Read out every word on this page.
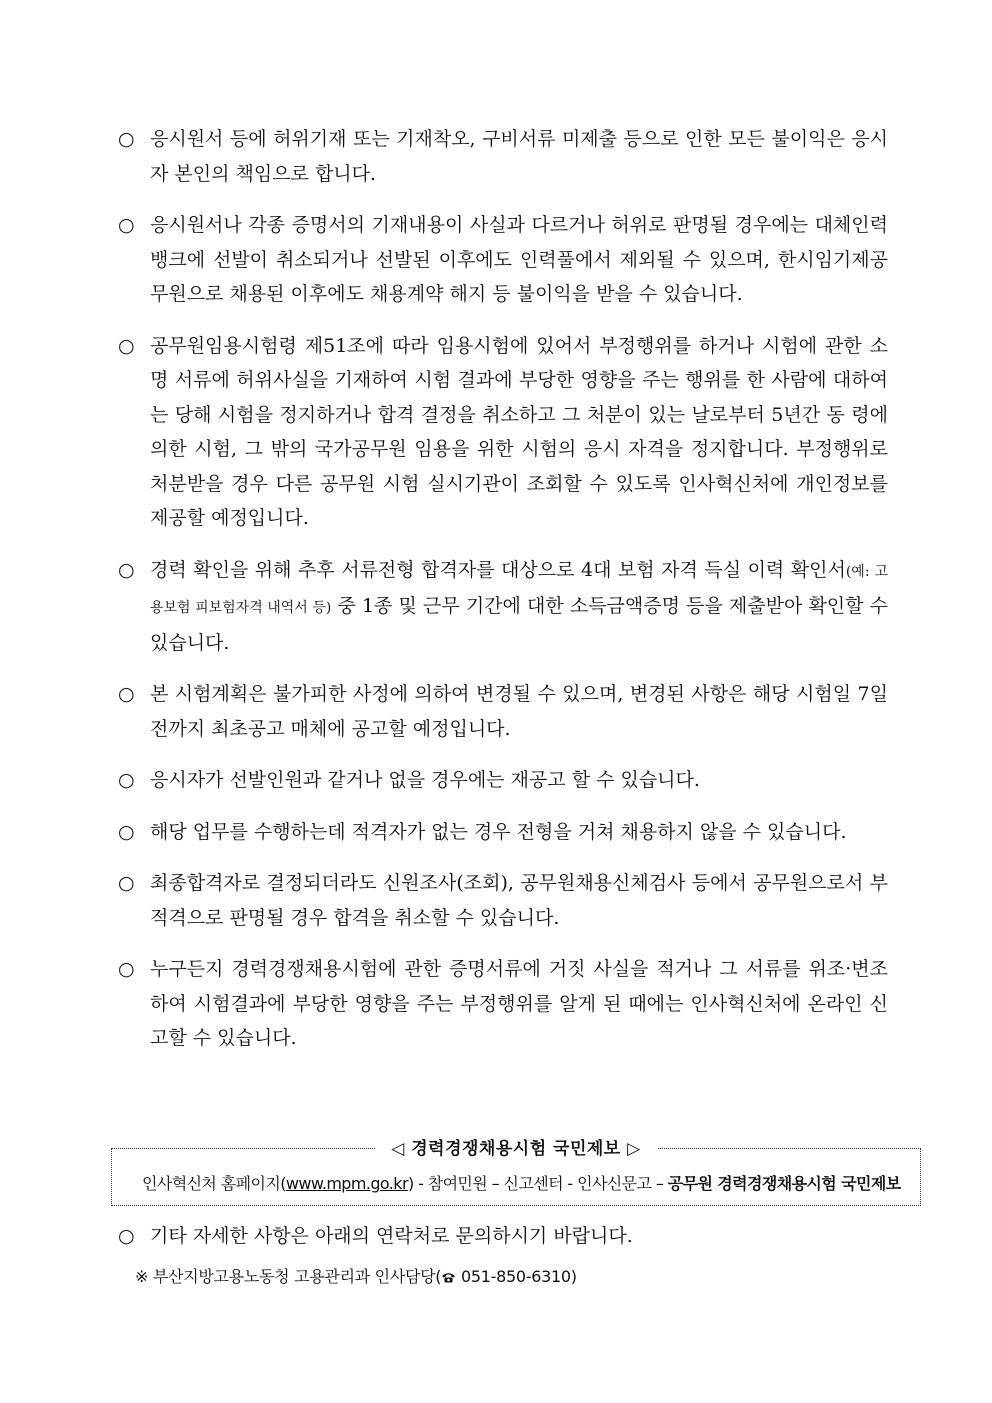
○ 응시원서 등에 허위기재 또는 기재착오, 구비서류 미제출 등으로 인한 모든 불이익은 응시자 본인의 책임으로 합니다.
○ 응시원서나 각종 증명서의 기재내용이 사실과 다르거나 허위로 판명될 경우에는 대체인력뱅크에 선발이 취소되거나 선발된 이후에도 인력풀에서 제외될 수 있으며, 한시임기제공무원으로 채용된 이후에도 채용계약 해지 등 불이익을 받을 수 있습니다.
○ 공무원임용시험령 제51조에 따라 임용시험에 있어서 부정행위를 하거나 시험에 관한 소명 서류에 허위사실을 기재하여 시험 결과에 부당한 영향을 주는 행위를 한 사람에 대하여는 당해 시험을 정지하거나 합격 결정을 취소하고 그 처분이 있는 날로부터 5년간 동 령에 의한 시험, 그 밖의 국가공무원 임용을 위한 시험의 응시 자격을 정지합니다. 부정행위로 처분받을 경우 다른 공무원 시험 실시기관이 조회할 수 있도록 인사혁신처에 개인정보를 제공할 예정입니다.
○ 경력 확인을 위해 추후 서류전형 합격자를 대상으로 4대 보험 자격 득실 이력 확인서(예: 고용보험 피보험자격 내역서 등) 중 1종 및 근무 기간에 대한 소득금액증명 등을 제출받아 확인할 수 있습니다.
○ 본 시험계획은 불가피한 사정에 의하여 변경될 수 있으며, 변경된 사항은 해당 시험일 7일 전까지 최초공고 매체에 공고할 예정입니다.
○ 응시자가 선발인원과 같거나 없을 경우에는 재공고 할 수 있습니다.
○ 해당 업무를 수행하는데 적격자가 없는 경우 전형을 거쳐 채용하지 않을 수 있습니다.
○ 최종합격자로 결정되더라도 신원조사(조회), 공무원채용신체검사 등에서 공무원으로서 부적격으로 판명될 경우 합격을 취소할 수 있습니다.
○ 누구든지 경력경쟁채용시험에 관한 증명서류에 거짓 사실을 적거나 그 서류를 위조·변조하여 시험결과에 부당한 영향을 주는 부정행위를 알게 된 때에는 인사혁신처에 온라인 신고할 수 있습니다.
◁ 경력경쟁채용시험 국민제보 ▷
인사혁신처 홈페이지(www.mpm.go.kr) - 참여민원 – 신고센터 - 인사신문고 – 공무원 경력경쟁채용시험 국민제보
○ 기타 자세한 사항은 아래의 연락처로 문의하시기 바랍니다.
※ 부산지방고용노동청 고용관리과 인사담당( 051-850-6310)
